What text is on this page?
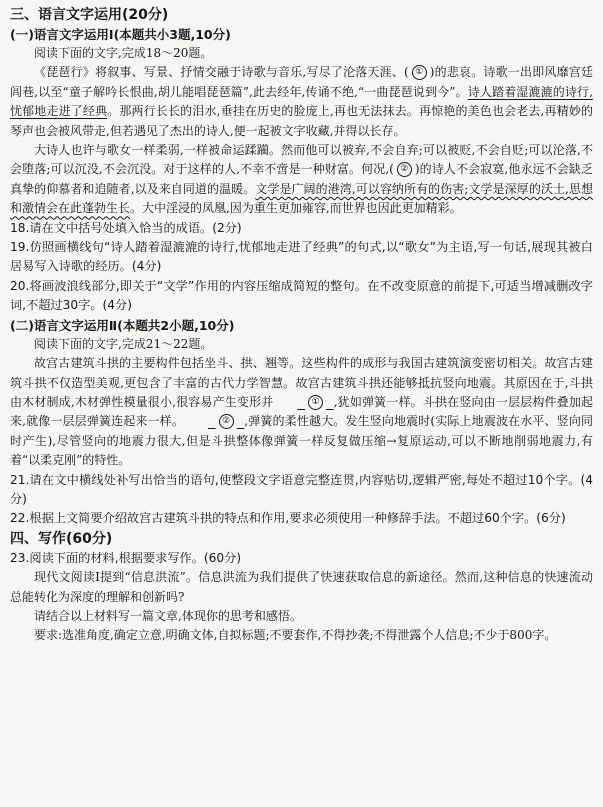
三、语言文字运用(20分)

(一)语言文字运用Ⅰ(本题共小3题,10分)

阅读下面的文字,完成18～20题。

《琵琶行》将叙事、写景、抒情交融于诗歌与音乐,写尽了沦落天涯、( ① )的悲哀。诗歌一出即风靡宫廷闾巷,以至“童子解吟长恨曲,胡儿能唱琵琶篇”,此去经年,传诵不绝,“一曲琵琶说到今”。诗人踏着湿漉漉的诗行,忧郁地走进了经典。那两行长长的泪水,垂挂在历史的脸庞上,再也无法抹去。再惊艳的美色也会老去,再精妙的琴声也会被风带走,但若遇见了杰出的诗人,便一起被文字收藏,并得以长存。

大诗人也许与歌女一样柔弱,一样被命运蹂躏。然而他可以被弃,不会自弃;可以被贬,不会自贬;可以沦落,不会堕落;可以沉没,不会沉没。对于这样的人,不幸不啻是一种财富。何况,( ② )的诗人不会寂寞,他永远不会缺乏真挚的仰慕者和追随者,以及来自同道的温暖。文学是广阔的港湾,可以容纳所有的伤害;文学是深厚的沃土,思想和激情会在此蓬勃生长。大中淫浸的凤凰,因为重生更加雍容,而世界也因此更加精彩。

18.请在文中括号处填入恰当的成语。(2分)

19.仿照画横线句“诗人踏着湿漉漉的诗行,忧郁地走进了经典”的句式,以“歌女”为主语,写一句话,展现其被白居易写入诗歌的经历。(4分)

20.将画波浪线部分,即关于“文学”作用的内容压缩成简短的整句。在不改变原意的前提下,可适当增减删改字词,不超过30字。(4分)

(二)语言文字运用Ⅱ(本题共2小题,10分)

阅读下面的文字,完成21～22题。

故宫古建筑斗拱的主要构件包括坐斗、拱、翘等。这些构件的成形与我国古建筑演变密切相关。故宫古建筑斗拱不仅造型美观,更包含了丰富的古代力学智慧。故宫古建筑斗拱还能够抵抗竖向地震。其原因在于,斗拱由木材制成,木材弹性模量很小,很容易产生变形并	① ,犹如弹簧一样。斗拱在竖向由一层层构件叠加起来,就像一层层弹簧连起来一样。	② ,弹簧的柔性越大。发生竖向地震时(实际上地震波在水平、竖向同时产生),尽管竖向的地震力很大,但是斗拱整体像弹簧一样反复做压缩→复原运动,可以不断地削弱地震力,有着“以柔克刚”的特性。

21.请在文中横线处补写出恰当的语句,使整段文字语意完整连贯,内容贴切,逻辑严密,每处不超过10个字。(4分)

22.根据上文简要介绍故宫古建筑斗拱的特点和作用,要求必须使用一种修辞手法。不超过60个字。(6分)

四、写作(60分)

23.阅读下面的材料,根据要求写作。(60分)

现代文阅读Ⅰ提到“信息洪流”。信息洪流为我们提供了快速获取信息的新途径。然而,这种信息的快速流动总能转化为深度的理解和创新吗?

请结合以上材料写一篇文章,体现你的思考和感悟。

要求:选准角度,确定立意,明确文体,自拟标题;不要套作,不得抄袭;不得泄露个人信息;不少于800字。
